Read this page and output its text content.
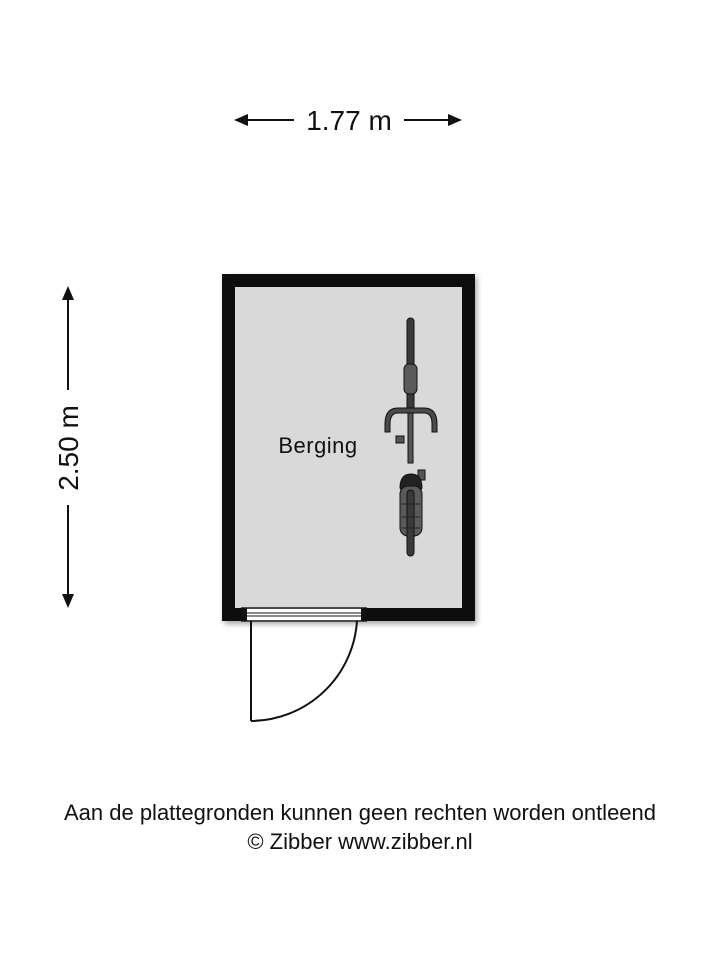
1.77 m
2.50 m	Berging
Aan de plattegronden kunnen geen rechten worden ontleend
© Zibber www.zibber.nl
